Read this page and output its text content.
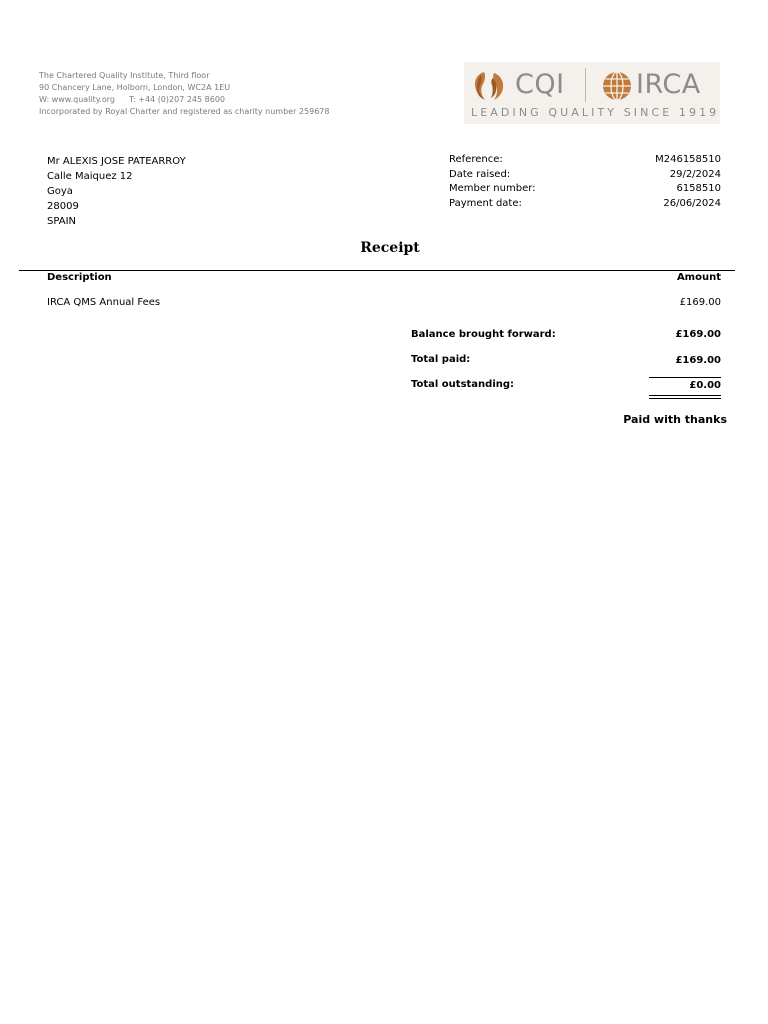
The Chartered Quality Institute, Third floor
90 Chancery Lane, Holborn, London, WC2A 1EU
W: www.quality.org T: +44 (0)207 245 8600
Incorporated by Royal Charter and registered as charity number 259678
CQI	IRCA
LEADING QUALITY SINCE 1919
Mr ALEXIS JOSE PATEARROY
Calle Maiquez 12
Goya
28009
SPAIN
Reference:	M246158510
Date raised:	29/2/2024
Member number:	6158510
Payment date:	26/06/2024
Receipt
Description	Amount
IRCA QMS Annual Fees	£169.00
Balance brought forward:	£169.00
Total paid:	£169.00
Total outstanding:	£0.00
Paid with thanks
